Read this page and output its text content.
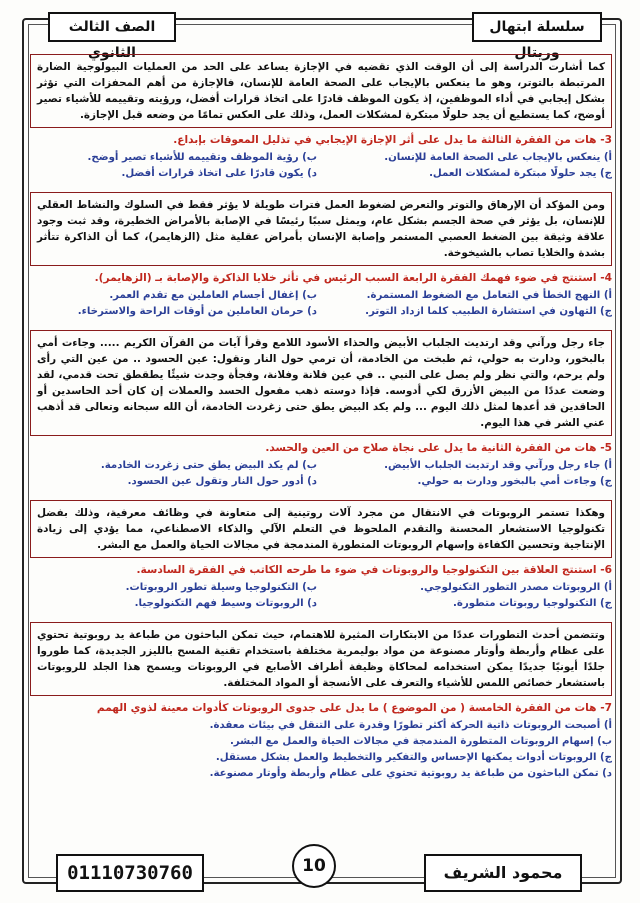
سلسلة ابتهال وريتال
الصف الثالث الثانوي
كما أشارت الدراسة إلى أن الوقت الذي تقضيه في الإجازة يساعد على الحد من العمليات البيولوجية الضارة المرتبطة بالتوتر، وهو ما ينعكس بالإيجاب على الصحة العامة للإنسان، فالإجازة من أهم المحفزات التي تؤثر بشكل إيجابي في أداء الموظفين، إذ يكون الموظف قادرًا على اتخاذ قرارات أفضل، ورؤيته وتقييمه للأشياء تصير أوضح، كما يستطيع أن يجد حلولًا مبتكرة لمشكلات العمل، وذلك على العكس تمامًا من وضعه قبل الإجازة.
3- هات من الفقرة الثالثة ما يدل على أثر الإجازة الإيجابي في تذليل المعوقات بإبداع.
أ) ينعكس بالإيجاب على الصحة العامة للإنسان.
ب) رؤية الموظف وتقييمه للأشياء تصير أوضح.
ج) يجد حلولًا مبتكرة لمشكلات العمل.
د) يكون قادرًا على اتخاذ قرارات أفضل.
ومن المؤكد أن الإرهاق والتوتر والتعرض لضغوط العمل فترات طويلة لا يؤثر فقط في السلوك والنشاط العقلي للإنسان، بل يؤثر في صحة الجسم بشكل عام، ويمثل سببًا رئيسًا في الإصابة بالأمراض الخطيرة، وقد ثبت وجود علاقة وثيقة بين الضغط العصبي المستمر وإصابة الإنسان بأمراض عقلية مثل (الزهايمر)، كما أن الذاكرة تتأثر بشدة والخلايا تصاب بالشيخوخة.
4- استنتج في ضوء فهمك الفقرة الرابعة السبب الرئيس في تأثر خلايا الذاكرة والإصابة بـ (الزهايمر).
أ) النهج الخطأ في التعامل مع الضغوط المستمرة.
ب) إغفال أجسام العاملين مع تقدم العمر.
ج) التهاون في استشارة الطبيب كلما ازداد التوتر.
د) حرمان العاملين من أوقات الراحة والاسترخاء.
جاء رجل ورآني وقد ارتديت الجلباب الأبيض والحذاء الأسود اللامع وقرأ آيات من القرآن الكريم ..... وجاءت أمي بالبخور، ودارت به حولي، ثم طبخت من الخادمة، أن ترمي حول النار وتقول: عين الحسود .. من عين التي رأى ولم يرحم، والتي نظر ولم يصل على النبي .. في عين فلانة وفلانة، وفجأة وجدت شيئًا يطقطق تحت قدمي، لقد وضعت عددًا من البيض الأزرق لكي أدوسه. فإذا دوسته ذهب مفعول الحسد والعملات إن كان أحد الحاسدين أو الحاقدين قد أعدها لمثل ذلك اليوم ... ولم يكد البيض يطق حتى زغردت الخادمة، أن الله سبحانه وتعالى قد أذهب عني الشر في هذا اليوم.
5- هات من الفقرة الثانية ما يدل على نجاة صلاح من العين والحسد.
أ) جاء رجل ورآني وقد ارتديت الجلباب الأبيض.
ب) لم يكد البيض يطق حتى زغردت الخادمة.
ج) وجاءت أمي بالبخور ودارت به حولي.
د) أدور حول النار وتقول عين الحسود.
وهكذا تستمر الروبوتات في الانتقال من مجرد آلات روتينية إلى متعاونة في وظائف معرفية، وذلك بفضل تكنولوجيا الاستشعار المحسنة والتقدم الملحوظ في التعلم الآلي والذكاء الاصطناعي، مما يؤدي إلى زيادة الإنتاجية وتحسين الكفاءة وإسهام الروبوتات المتطورة المندمجة في مجالات الحياة والعمل مع البشر.
6- استنتج العلاقة بين التكنولوجيا والروبوتات في ضوء ما طرحه الكاتب في الفقرة السادسة.
أ) الروبوتات مصدر التطور التكنولوجي.
ب) التكنولوجيا وسيلة تطور الروبوتات.
ج) التكنولوجيا روبوتات متطورة.
د) الروبوتات وسيط فهم التكنولوجيا.
وتتضمن أحدث التطورات عددًا من الابتكارات المثيرة للاهتمام، حيث تمكن الباحثون من طباعة يد روبوتية تحتوي على عظام وأربطة وأوتار مصنوعة من مواد بوليمرية مختلفة باستخدام تقنية المسح بالليزر الجديدة، كما طوروا جلدًا أيونيًا جديدًا يمكن استخدامه لمحاكاة وظيفة أطراف الأصابع في الروبوتات ويسمح هذا الجلد للروبوتات باستشعار خصائص اللمس للأشياء والتعرف على الأنسجة أو المواد المختلفة.
7- هات من الفقرة الخامسة ( من الموضوع ) ما يدل على جدوى الروبوتات كأدوات معينة لذوي الهمم
أ) أصبحت الروبوتات ذاتية الحركة أكثر تطورًا وقدرة على التنقل في بيئات معقدة.
ب) إسهام الروبوتات المتطورة المندمجة في مجالات الحياة والعمل مع البشر.
ج) الروبوتات أدوات يمكنها الإحساس والتفكير والتخطيط والعمل بشكل مستقل.
د) تمكن الباحثون من طباعة يد روبوتية تحتوي على عظام وأربطة وأوتار مصنوعة.
محمود الشريف
10
01110730760
